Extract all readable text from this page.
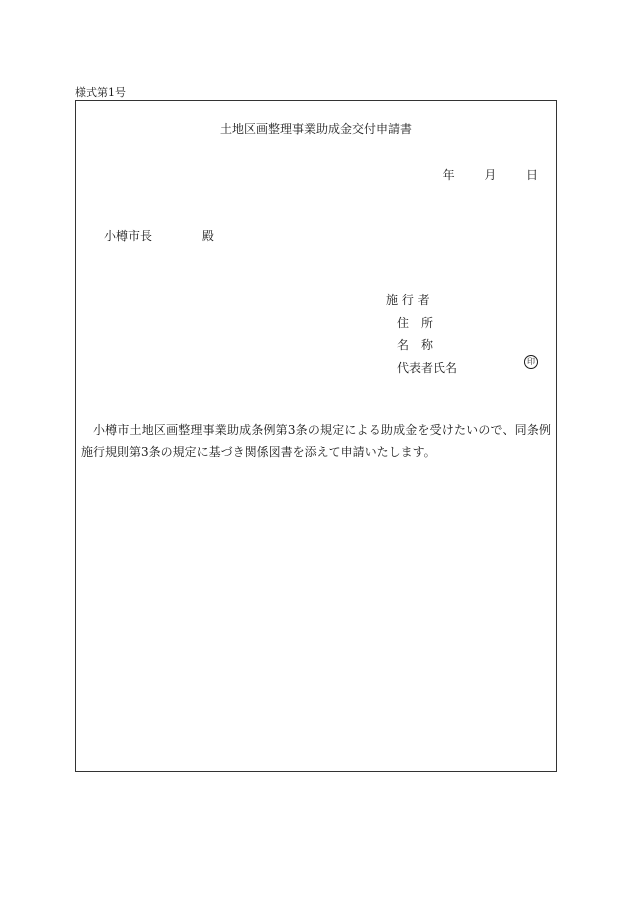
様式第1号
土地区画整理事業助成金交付申請書
年 月 日
小樽市長	殿
施 行 者
住　所
名　称
代表者氏名	印
小樽市土地区画整理事業助成条例第3条の規定による助成金を受けたいので、同条例施行規則第3条の規定に基づき関係図書を添えて申請いたします。
